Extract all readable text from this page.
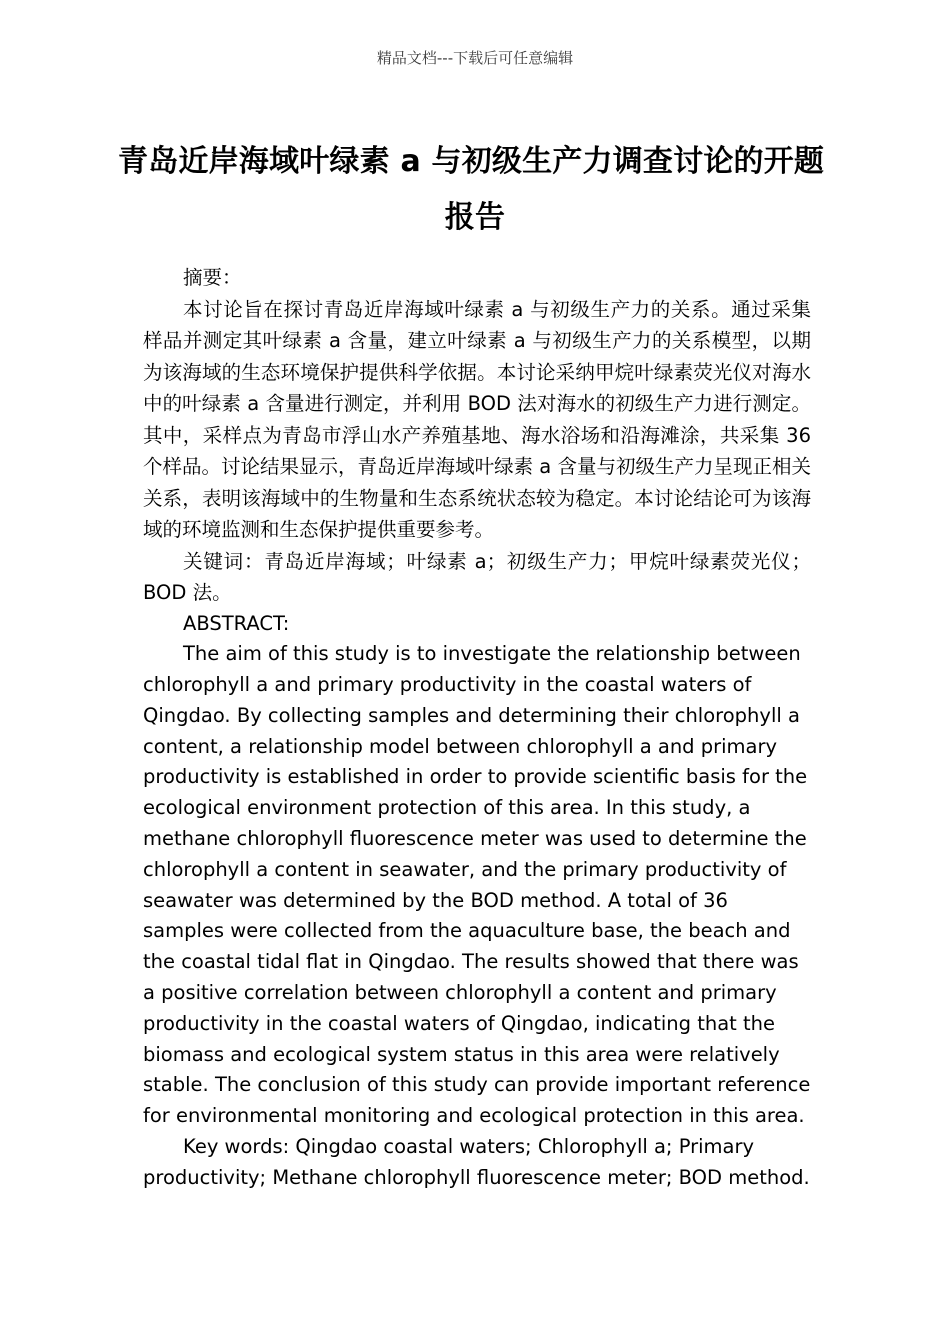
精品文档---下载后可任意编辑
青岛近岸海域叶绿素 a 与初级生产力调查讨论的开题
报告

摘要：

本讨论旨在探讨青岛近岸海域叶绿素 a 与初级生产力的关系。通过采集样品并测定其叶绿素 a 含量，建立叶绿素 a 与初级生产力的关系模型，以期为该海域的生态环境保护提供科学依据。本讨论采纳甲烷叶绿素荧光仪对海水中的叶绿素 a 含量进行测定，并利用 BOD 法对海水的初级生产力进行测定。其中，采样点为青岛市浮山水产养殖基地、海水浴场和沿海滩涂，共采集 36 个样品。讨论结果显示，青岛近岸海域叶绿素 a 含量与初级生产力呈现正相关关系，表明该海域中的生物量和生态系统状态较为稳定。本讨论结论可为该海域的环境监测和生态保护提供重要参考。

关键词：青岛近岸海域；叶绿素 a；初级生产力；甲烷叶绿素荧光仪；BOD 法。

ABSTRACT:

The aim of this study is to investigate the relationship between chlorophyll a and primary productivity in the coastal waters of Qingdao. By collecting samples and determining their chlorophyll a content, a relationship model between chlorophyll a and primary productivity is established in order to provide scientific basis for the ecological environment protection of this area. In this study, a methane chlorophyll fluorescence meter was used to determine the chlorophyll a content in seawater, and the primary productivity of seawater was determined by the BOD method. A total of 36 samples were collected from the aquaculture base, the beach and the coastal tidal flat in Qingdao. The results showed that there was a positive correlation between chlorophyll a content and primary productivity in the coastal waters of Qingdao, indicating that the biomass and ecological system status in this area were relatively stable. The conclusion of this study can provide important reference for environmental monitoring and ecological protection in this area.

Key words: Qingdao coastal waters; Chlorophyll a; Primary productivity; Methane chlorophyll fluorescence meter; BOD method.
